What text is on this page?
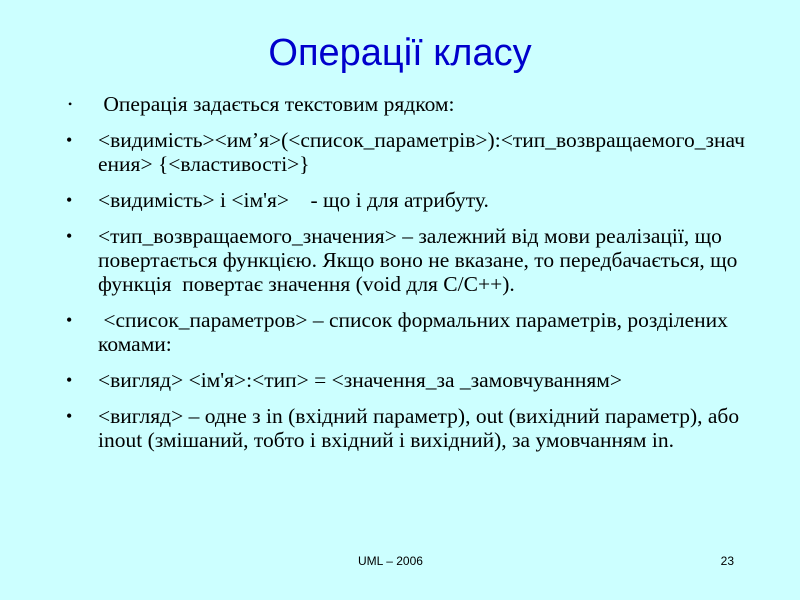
Операції класу
• Операція задається текстовим рядком:
• <видимість><им’я>(<список_параметрів>):<тип_возвращаемого_значения> {<властивості>}
• <видимість> і <ім'я>    - що і для атрибуту.
• <тип_возвращаемого_значения> – залежний від мови реалізації, що повертається функцією. Якщо воно не вказане, то передбачається, що функція  повертає значення (void для C/C++).
• <список_параметров> – список формальних параметрів, розділених комами:
• <вигляд> <ім'я>:<тип> = <значення_за _замовчуванням>
• <вигляд> – одне з in (вхідний параметр), out (вихідний параметр), або inout (змішаний, тобто і вхідний і вихідний), за умовчанням in.
UML – 2006	23
